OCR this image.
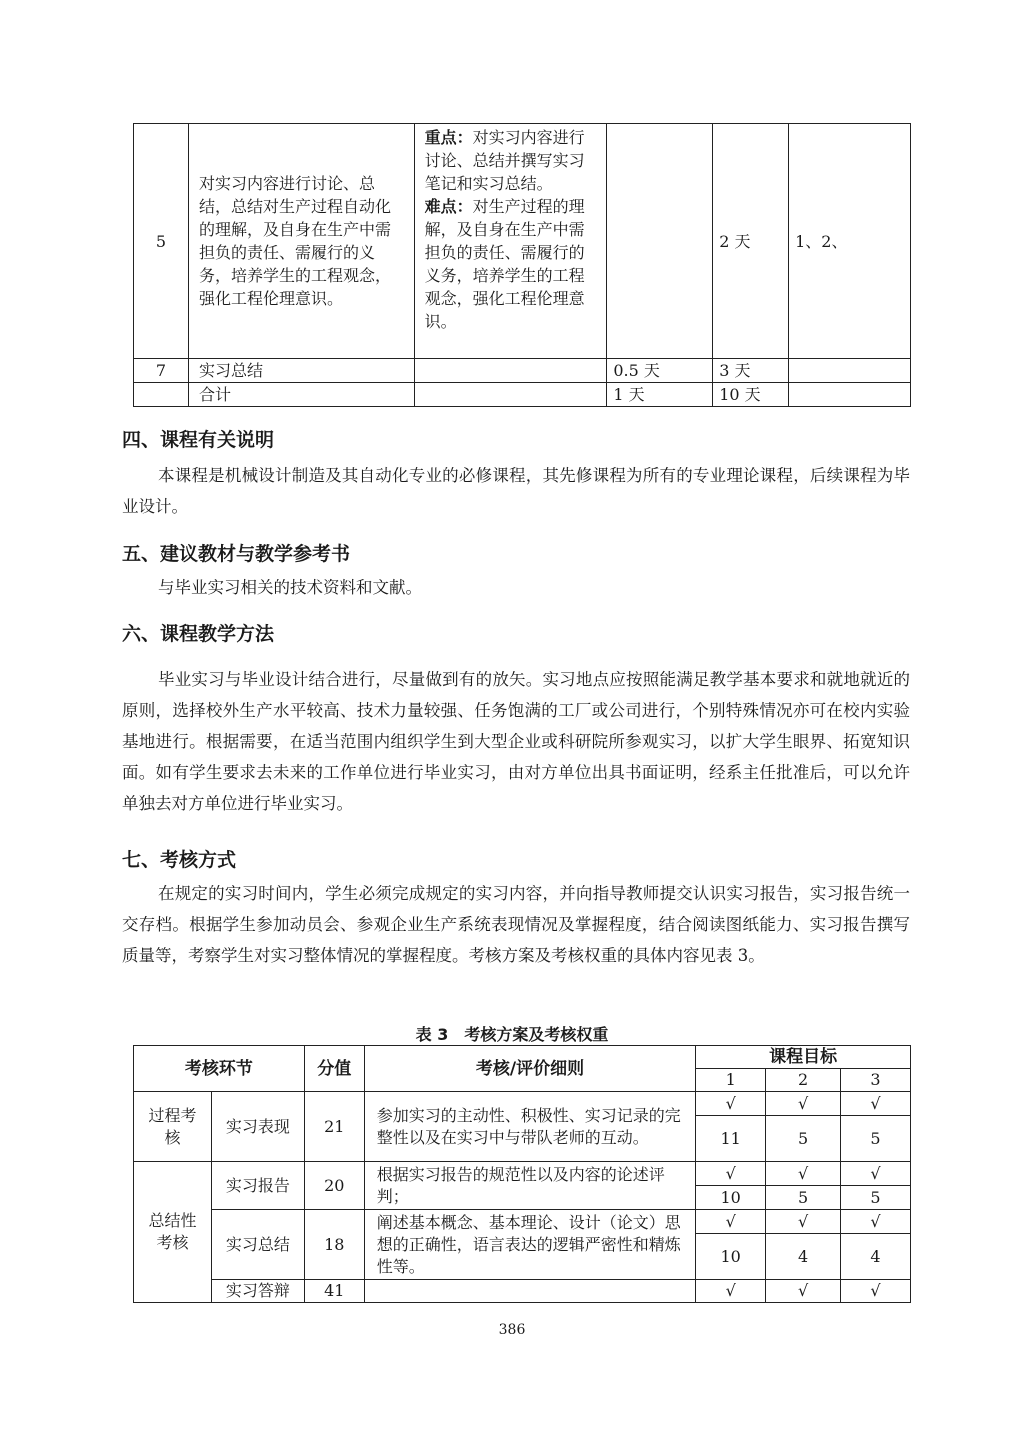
5	对实习内容进行讨论、总结，总结对生产过程自动化的理解，及自身在生产中需担负的责任、需履行的义务，培养学生的工程观念，强化工程伦理意识。	重点：对实习内容进行讨论、总结并撰写实习笔记和实习总结。
难点：对生产过程的理解，及自身在生产中需担负的责任、需履行的义务，培养学生的工程观念，强化工程伦理意识。		2 天	1、2、
7	实习总结		0.5 天	3 天	
	合计		1 天	10 天	
四、课程有关说明

本课程是机械设计制造及其自动化专业的必修课程，其先修课程为所有的专业理论课程，后续课程为毕业设计。

五、建议教材与教学参考书

与毕业实习相关的技术资料和文献。

六、课程教学方法

毕业实习与毕业设计结合进行，尽量做到有的放矢。实习地点应按照能满足教学基本要求和就地就近的原则，选择校外生产水平较高、技术力量较强、任务饱满的工厂或公司进行，个别特殊情况亦可在校内实验基地进行。根据需要，在适当范围内组织学生到大型企业或科研院所参观实习，以扩大学生眼界、拓宽知识面。如有学生要求去未来的工作单位进行毕业实习，由对方单位出具书面证明，经系主任批准后，可以允许单独去对方单位进行毕业实习。

七、考核方式

在规定的实习时间内，学生必须完成规定的实习内容，并向指导教师提交认识实习报告，实习报告统一交存档。根据学生参加动员会、参观企业生产系统表现情况及掌握程度，结合阅读图纸能力、实习报告撰写质量等，考察学生对实习整体情况的掌握程度。考核方案及考核权重的具体内容见表 3。

表 3　考核方案及考核权重
考核环节		分值	考核/评价细则	课程目标		
				1	2	3
过程考核	实习表现	21	参加实习的主动性、积极性、实习记录的完整性以及在实习中与带队老师的互动。	√	√	√
				11	5	5
总结性考核	实习报告	20	根据实习报告的规范性以及内容的论述评判；	√	√	√
				10	5	5
	实习总结	18	阐述基本概念、基本理论、设计（论文）思想的正确性，语言表达的逻辑严密性和精炼性等。	√	√	√
				10	4	4
	实习答辩	41		√	√	√
386
